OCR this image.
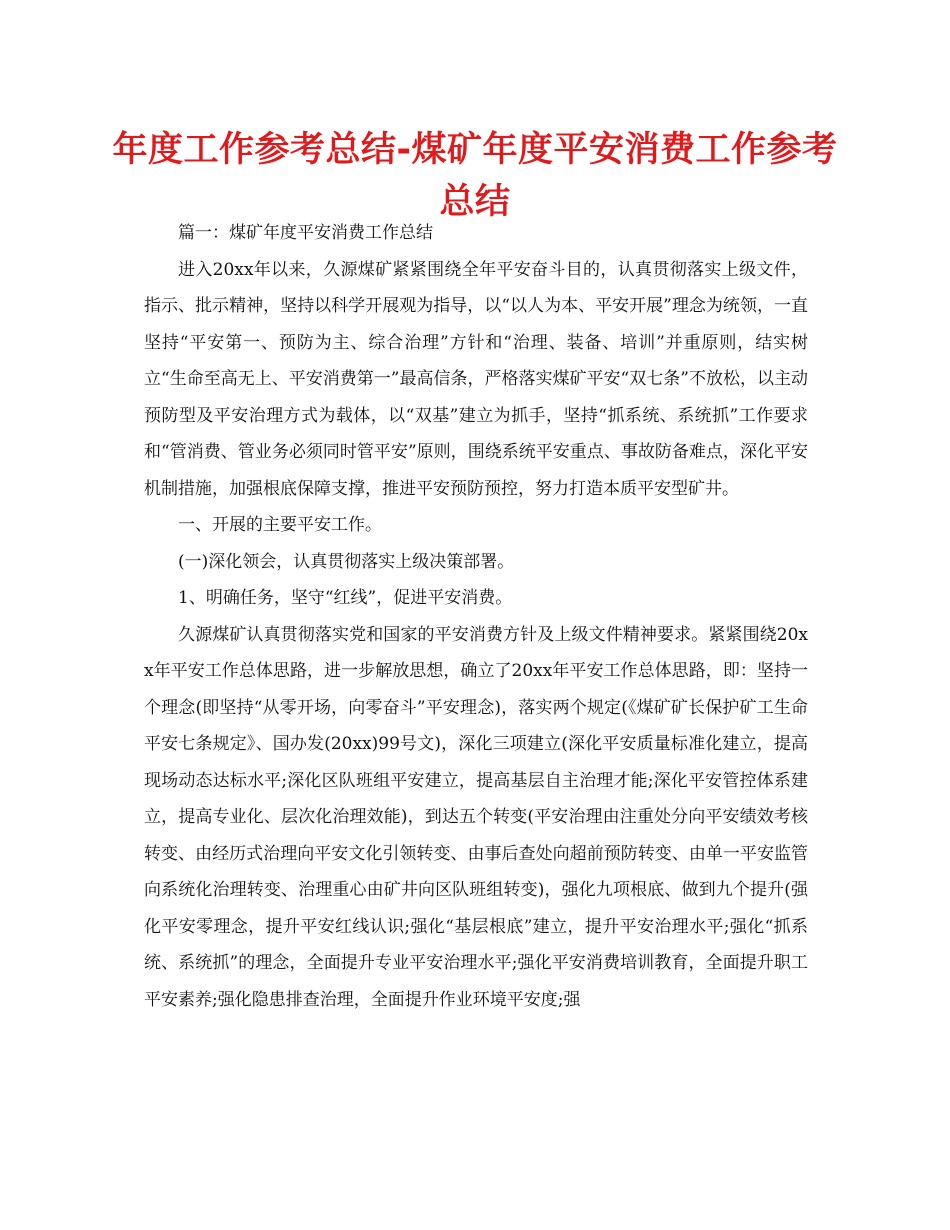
年度工作参考总结-煤矿年度平安消费工作参考总结

篇一：煤矿年度平安消费工作总结

进入20xx年以来，久源煤矿紧紧围绕全年平安奋斗目的，认真贯彻落实上级文件，指示、批示精神，坚持以科学开展观为指导，以“以人为本、平安开展”理念为统领，一直坚持“平安第一、预防为主、综合治理”方针和“治理、装备、培训”并重原则，结实树立“生命至高无上、平安消费第一”最高信条，严格落实煤矿平安“双七条”不放松，以主动预防型及平安治理方式为载体，以“双基”建立为抓手，坚持“抓系统、系统抓”工作要求和“管消费、管业务必须同时管平安”原则，围绕系统平安重点、事故防备难点，深化平安机制措施，加强根底保障支撑，推进平安预防预控，努力打造本质平安型矿井。

一、开展的主要平安工作。

(一)深化领会，认真贯彻落实上级决策部署。

1、明确任务，坚守“红线”，促进平安消费。

久源煤矿认真贯彻落实党和国家的平安消费方针及上级文件精神要求。紧紧围绕20xx年平安工作总体思路，进一步解放思想，确立了20xx年平安工作总体思路，即：坚持一个理念(即坚持“从零开场，向零奋斗”平安理念)，落实两个规定(《煤矿矿长保护矿工生命平安七条规定》、国办发(20xx)99号文)，深化三项建立(深化平安质量标准化建立，提高现场动态达标水平;深化区队班组平安建立，提高基层自主治理才能;深化平安管控体系建立，提高专业化、层次化治理效能)，到达五个转变(平安治理由注重处分向平安绩效考核转变、由经历式治理向平安文化引领转变、由事后查处向超前预防转变、由单一平安监管向系统化治理转变、治理重心由矿井向区队班组转变)，强化九项根底、做到九个提升(强化平安零理念，提升平安红线认识;强化“基层根底”建立，提升平安治理水平;强化“抓系统、系统抓”的理念，全面提升专业平安治理水平;强化平安消费培训教育，全面提升职工平安素养;强化隐患排查治理，全面提升作业环境平安度;强
